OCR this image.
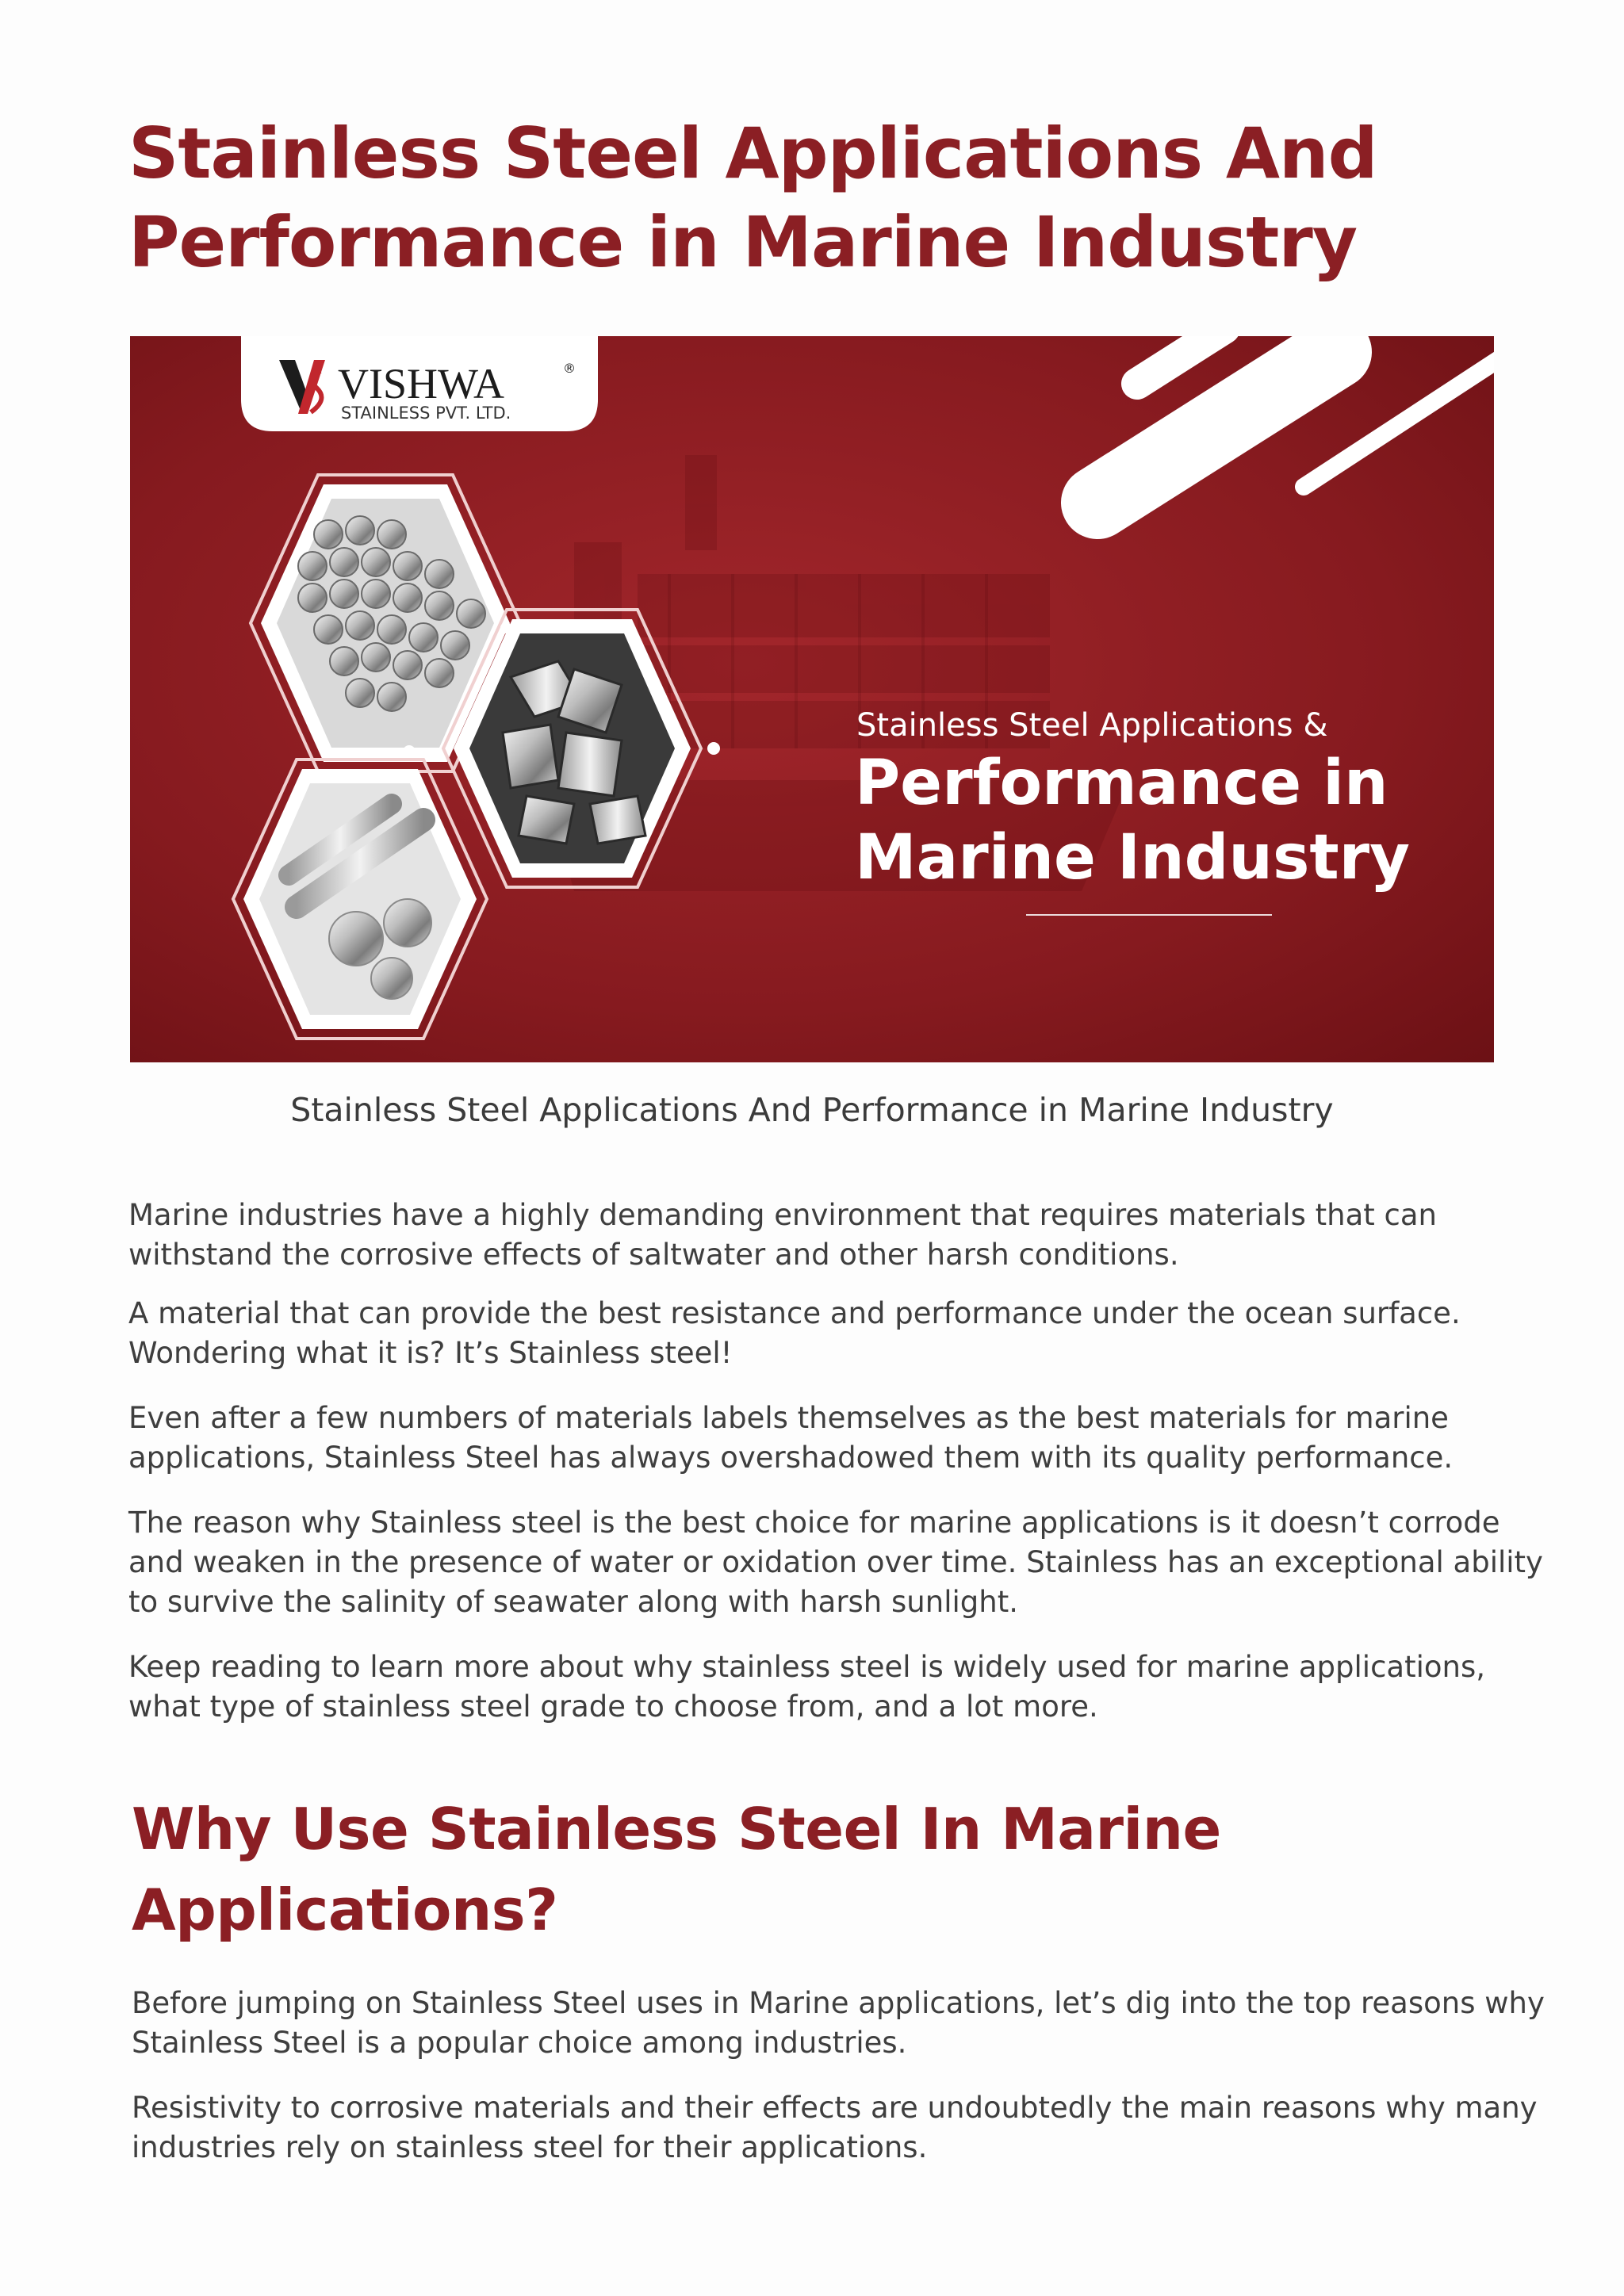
Stainless Steel Applications And Performance in Marine Industry
VISHWA	®
STAINLESS PVT. LTD.
Stainless Steel Applications &
Performance in
Marine Industry
Stainless Steel Applications And Performance in Marine Industry

Marine industries have a highly demanding environment that requires materials that can withstand the corrosive effects of saltwater and other harsh conditions.

A material that can provide the best resistance and performance under the ocean surface. Wondering what it is? It’s Stainless steel!

Even after a few numbers of materials labels themselves as the best materials for marine applications, Stainless Steel has always overshadowed them with its quality performance.

The reason why Stainless steel is the best choice for marine applications is it doesn’t corrode and weaken in the presence of water or oxidation over time. Stainless has an exceptional ability to survive the salinity of seawater along with harsh sunlight.

Keep reading to learn more about why stainless steel is widely used for marine applications, what type of stainless steel grade to choose from, and a lot more.

Why Use Stainless Steel In Marine Applications?

Before jumping on Stainless Steel uses in Marine applications, let’s dig into the top reasons why Stainless Steel is a popular choice among industries.

Resistivity to corrosive materials and their effects are undoubtedly the main reasons why many industries rely on stainless steel for their applications.
